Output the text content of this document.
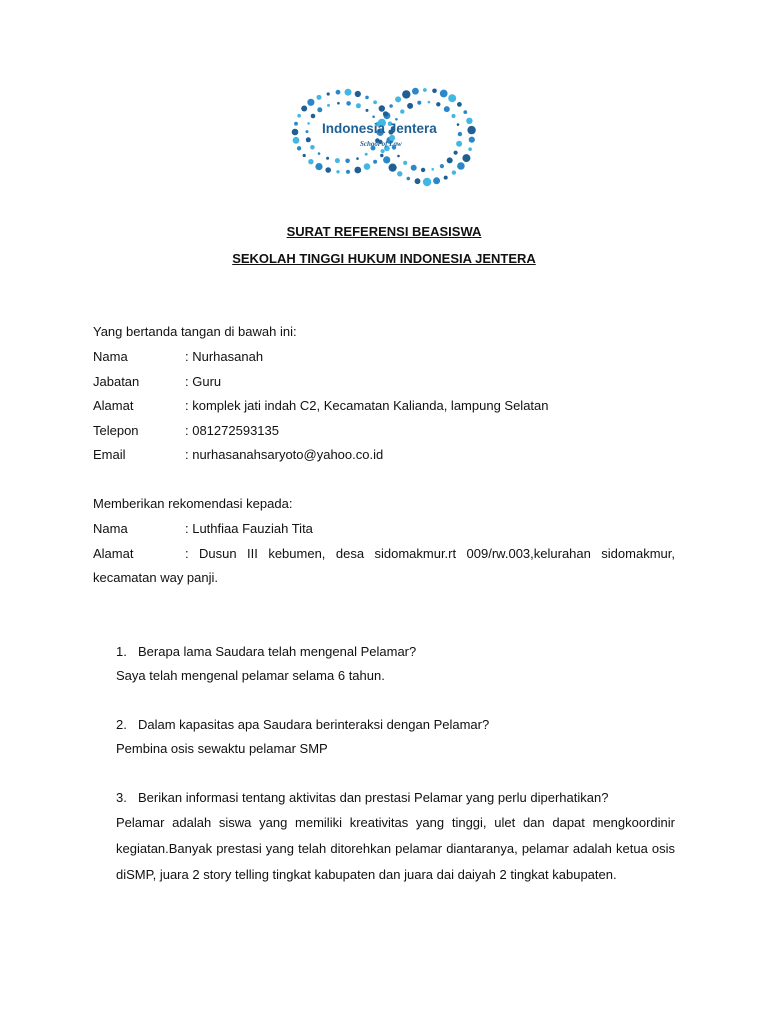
Indonesia Jentera
School of Law
SURAT REFERENSI BEASISWA
SEKOLAH TINGGI HUKUM INDONESIA JENTERA
Yang bertanda tangan di bawah ini:
Nama	: Nurhasanah
Jabatan	: Guru
Alamat	: komplek jati indah C2, Kecamatan Kalianda, lampung Selatan
Telepon	: 081272593135
Email	: nurhasanahsaryoto@yahoo.co.id
Memberikan rekomendasi kepada:
Nama	: Luthfiaa Fauziah Tita
Alamat	: Dusun III kebumen, desa sidomakmur.rt 009/rw.003,kelurahan sidomakmur,
kecamatan way panji.
1. Berapa lama Saudara telah mengenal Pelamar?
Saya telah mengenal pelamar selama 6 tahun.
2. Dalam kapasitas apa Saudara berinteraksi dengan Pelamar?
Pembina osis sewaktu pelamar SMP
3. Berikan informasi tentang aktivitas dan prestasi Pelamar yang perlu diperhatikan?
Pelamar adalah siswa yang memiliki kreativitas yang tinggi, ulet dan dapat mengkoordinir kegiatan.Banyak prestasi yang telah ditorehkan pelamar diantaranya, pelamar adalah ketua osis diSMP, juara 2 story telling tingkat kabupaten dan juara dai daiyah 2 tingkat kabupaten.
